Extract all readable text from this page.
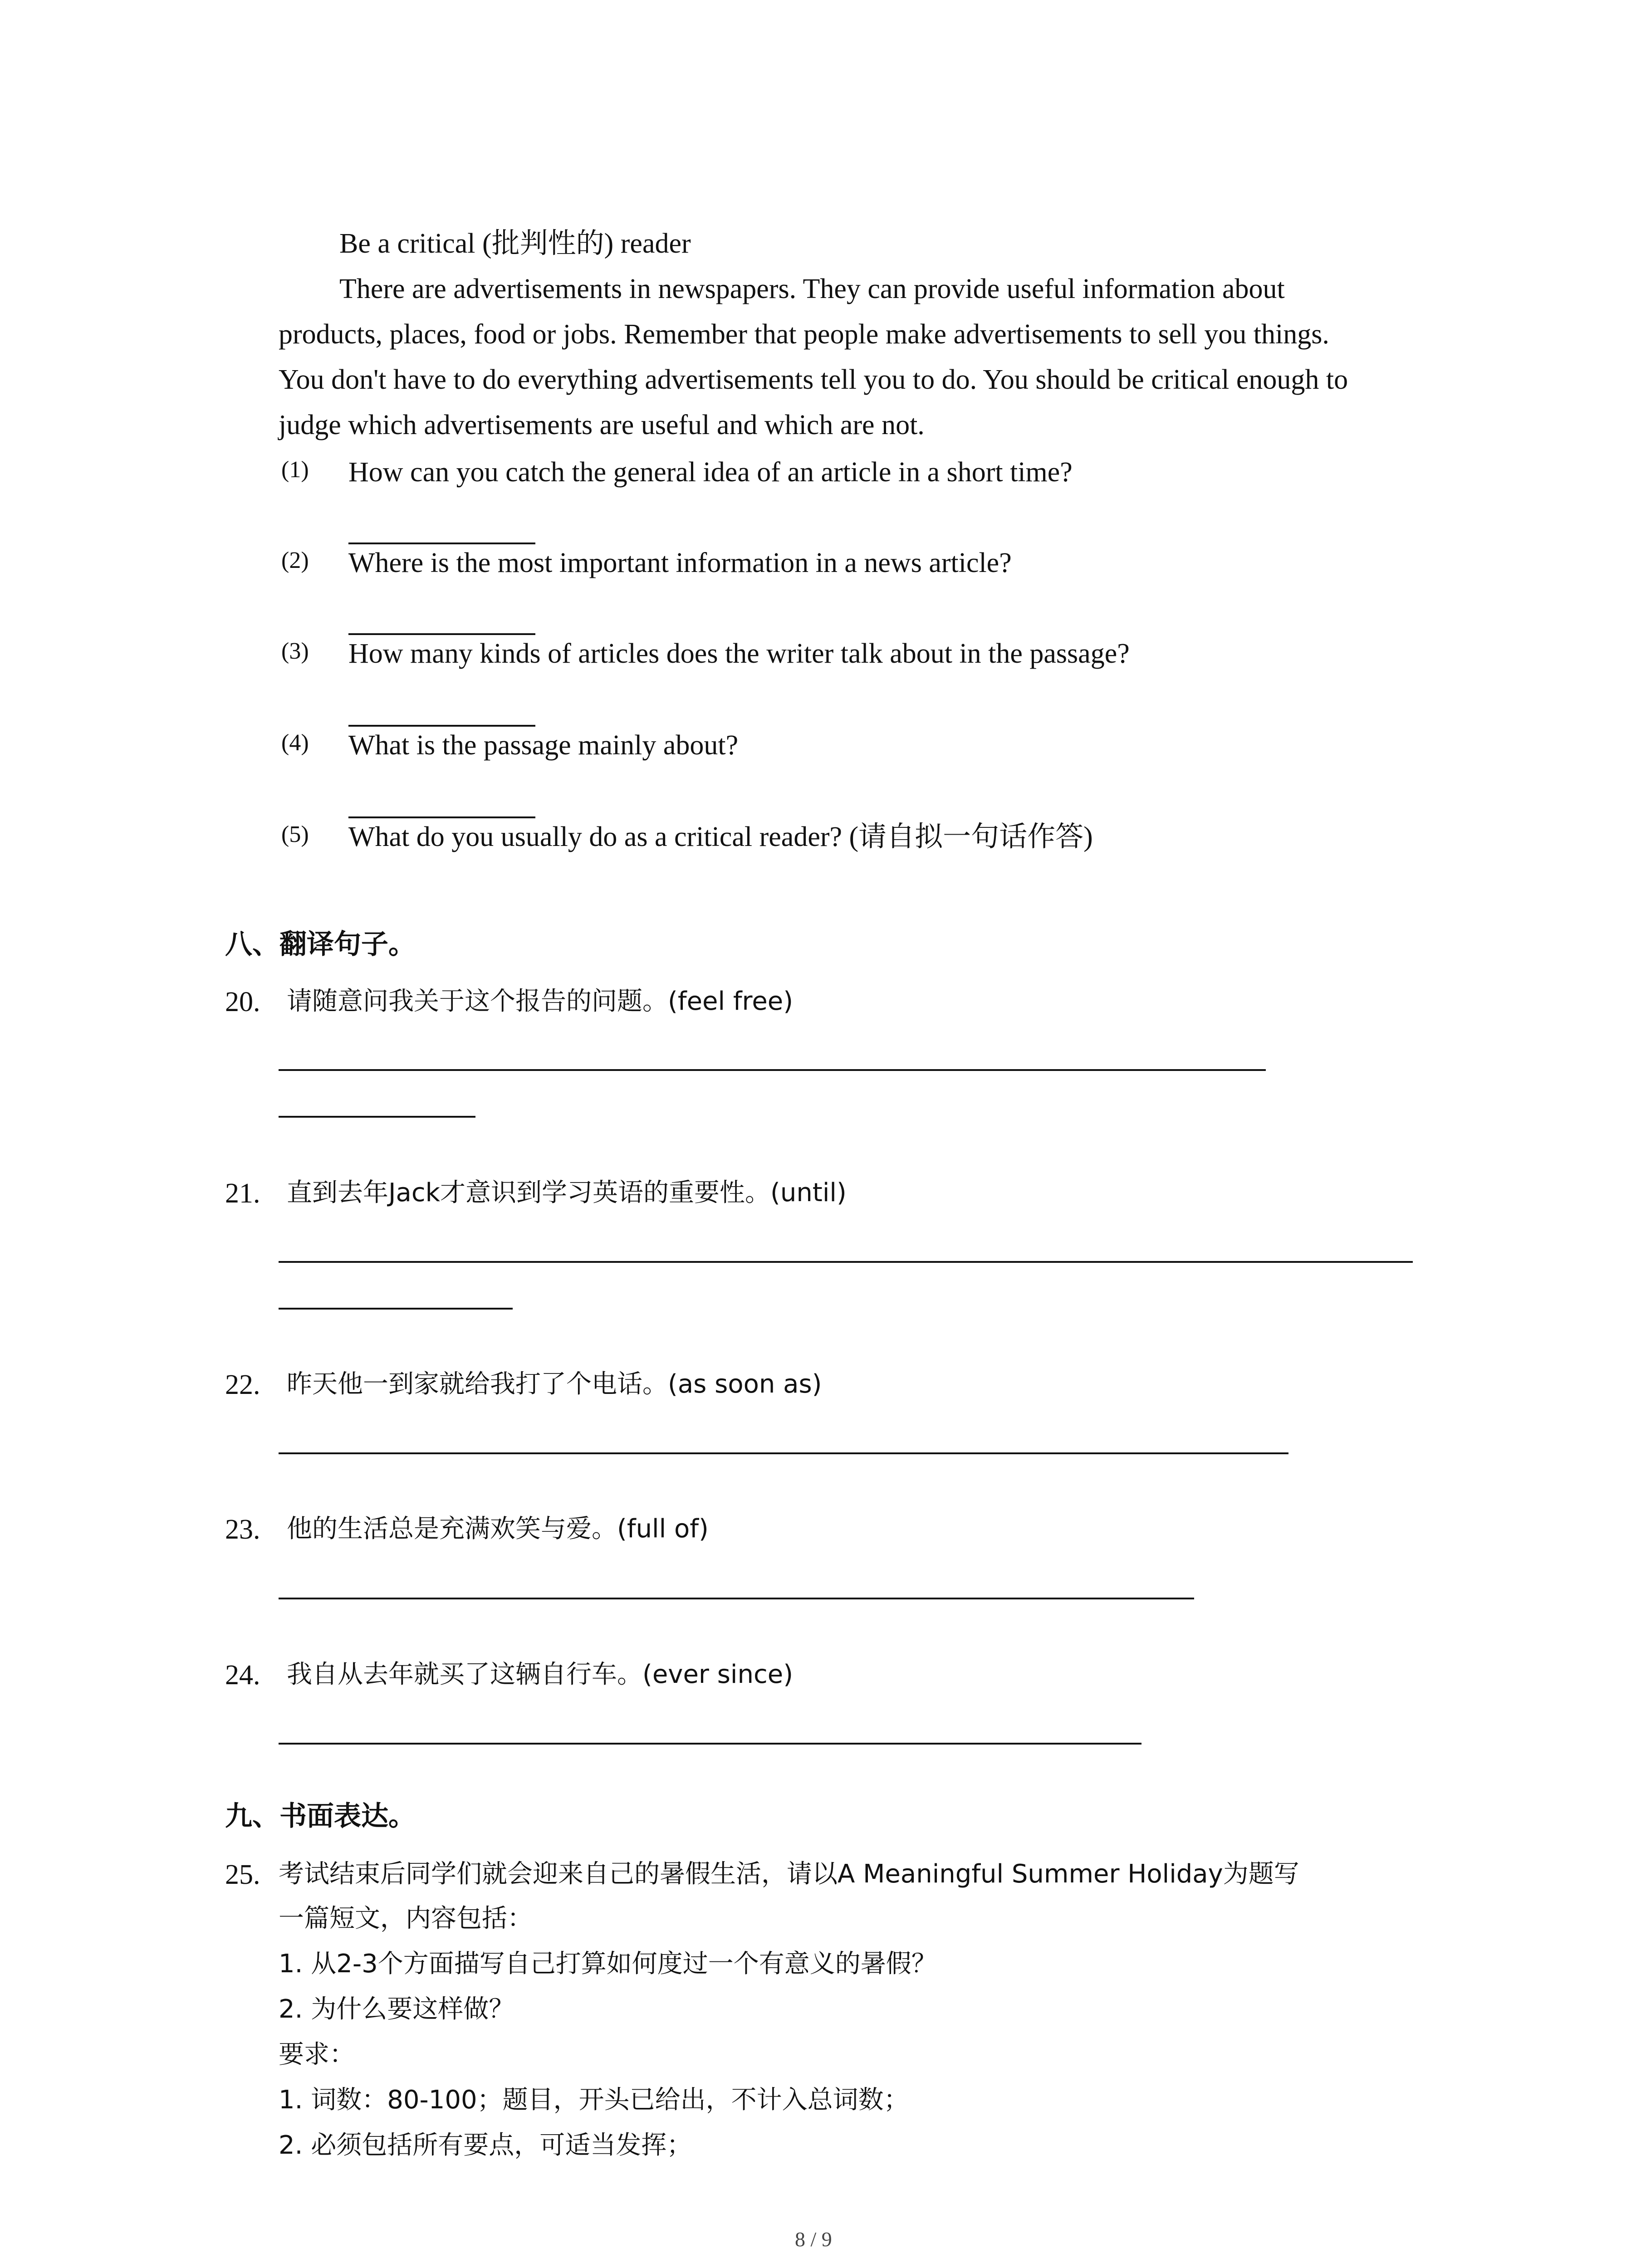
Be a critical (批判性的) reader
There are advertisements in newspapers. They can provide useful information about
products, places, food or jobs. Remember that people make advertisements to sell you things.
You don't have to do everything advertisements tell you to do. You should be critical enough to
judge which advertisements are useful and which are not.
(1) How can you catch the general idea of an article in a short time?
(2) Where is the most important information in a news article?
(3) How many kinds of articles does the writer talk about in the passage?
(4) What is the passage mainly about?
(5) What do you usually do as a critical reader? (请自拟一句话作答)
八、翻译句子。
20. 请随意问我关于这个报告的问题。(feel free)
21. 直到去年Jack才意识到学习英语的重要性。(until)
22. 昨天他一到家就给我打了个电话。(as soon as)
23. 他的生活总是充满欢笑与爱。(full of)
24. 我自从去年就买了这辆自行车。(ever since)
九、书面表达。
25. 考试结束后同学们就会迎来自己的暑假生活，请以A Meaningful Summer Holiday为题写
一篇短文，内容包括：
1. 从2-3个方面描写自己打算如何度过一个有意义的暑假？
2. 为什么要这样做？
要求：
1. 词数：80-100；题目，开头已给出，不计入总词数；
2. 必须包括所有要点，可适当发挥；
8 / 9
